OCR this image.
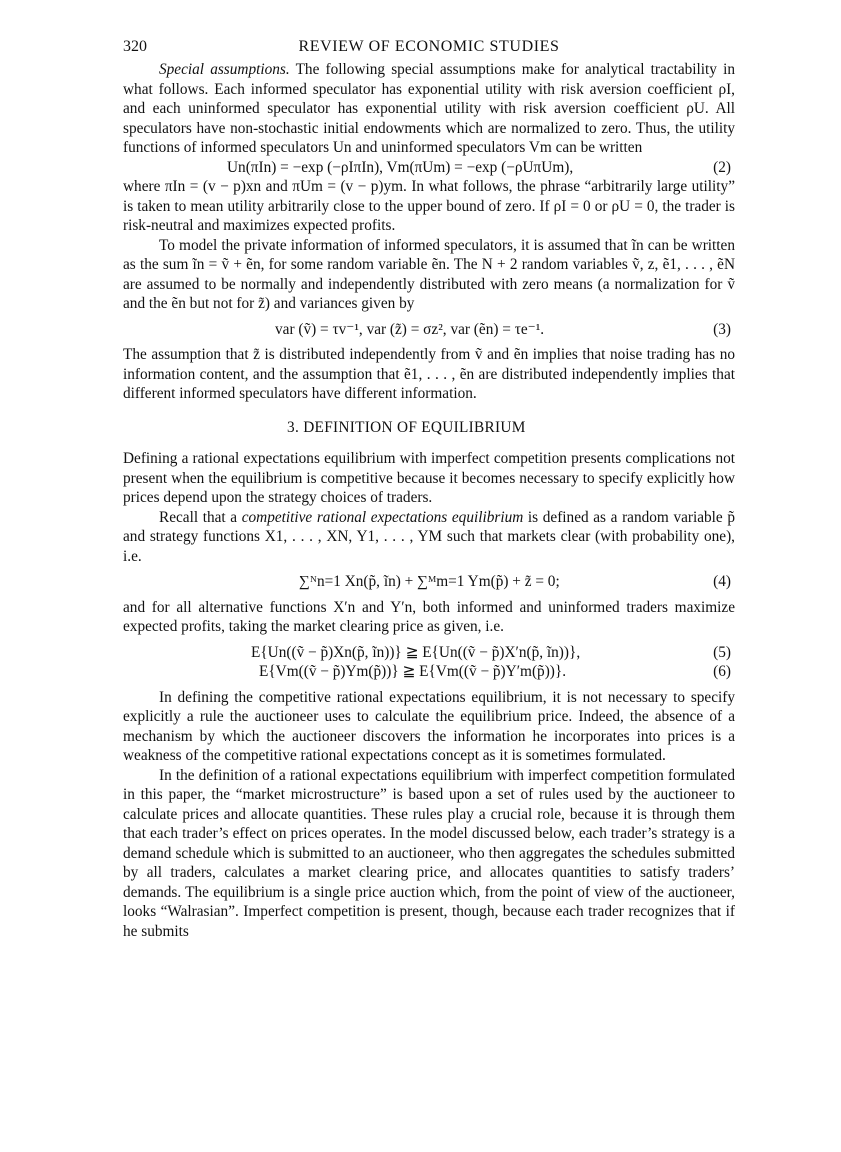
320	REVIEW OF ECONOMIC STUDIES

Special assumptions. The following special assumptions make for analytical tractability in what follows. Each informed speculator has exponential utility with risk aversion coefficient ρI, and each uninformed speculator has exponential utility with risk aversion coefficient ρU. All speculators have non-stochastic initial endowments which are normalized to zero. Thus, the utility functions of informed speculators Un and uninformed speculators Vm can be written

Un(πIn) = −exp (−ρIπIn), Vm(πUm) = −exp (−ρUπUm),	(2)

where πIn = (v − p)xn and πUm = (v − p)ym. In what follows, the phrase “arbitrarily large utility” is taken to mean utility arbitrarily close to the upper bound of zero. If ρI = 0 or ρU = 0, the trader is risk-neutral and maximizes expected profits.

To model the private information of informed speculators, it is assumed that ĩn can be written as the sum ĩn = ṽ + ẽn, for some random variable ẽn. The N + 2 random variables ṽ, z, ẽ1, . . . , ẽN are assumed to be normally and independently distributed with zero means (a normalization for ṽ and the ẽn but not for z̃) and variances given by

var (ṽ) = τv⁻¹, var (z̃) = σz², var (ẽn) = τe⁻¹.	(3)

The assumption that z̃ is distributed independently from ṽ and ẽn implies that noise trading has no information content, and the assumption that ẽ1, . . . , ẽn are distributed independently implies that different informed speculators have different information.

3. DEFINITION OF EQUILIBRIUM

Defining a rational expectations equilibrium with imperfect competition presents complications not present when the equilibrium is competitive because it becomes necessary to specify explicitly how prices depend upon the strategy choices of traders.

Recall that a competitive rational expectations equilibrium is defined as a random variable p̃ and strategy functions X1, . . . , XN, Y1, . . . , YM such that markets clear (with probability one), i.e.

∑ᴺn=1 Xn(p̃, ĩn) + ∑ᴹm=1 Ym(p̃) + z̃ = 0;	(4)

and for all alternative functions X′n and Y′n, both informed and uninformed traders maximize expected profits, taking the market clearing price as given, i.e.

E{Un((ṽ − p̃)Xn(p̃, ĩn))} ≧ E{Un((ṽ − p̃)X′n(p̃, ĩn))},	(5)
E{Vm((ṽ − p̃)Ym(p̃))} ≧ E{Vm((ṽ − p̃)Y′m(p̃))}.	(6)

In defining the competitive rational expectations equilibrium, it is not necessary to specify explicitly a rule the auctioneer uses to calculate the equilibrium price. Indeed, the absence of a mechanism by which the auctioneer discovers the information he incorporates into prices is a weakness of the competitive rational expectations concept as it is sometimes formulated.

In the definition of a rational expectations equilibrium with imperfect competition formulated in this paper, the “market microstructure” is based upon a set of rules used by the auctioneer to calculate prices and allocate quantities. These rules play a crucial role, because it is through them that each trader’s effect on prices operates. In the model discussed below, each trader’s strategy is a demand schedule which is submitted to an auctioneer, who then aggregates the schedules submitted by all traders, calculates a market clearing price, and allocates quantities to satisfy traders’ demands. The equilibrium is a single price auction which, from the point of view of the auctioneer, looks “Walrasian”. Imperfect competition is present, though, because each trader recognizes that if he submits
